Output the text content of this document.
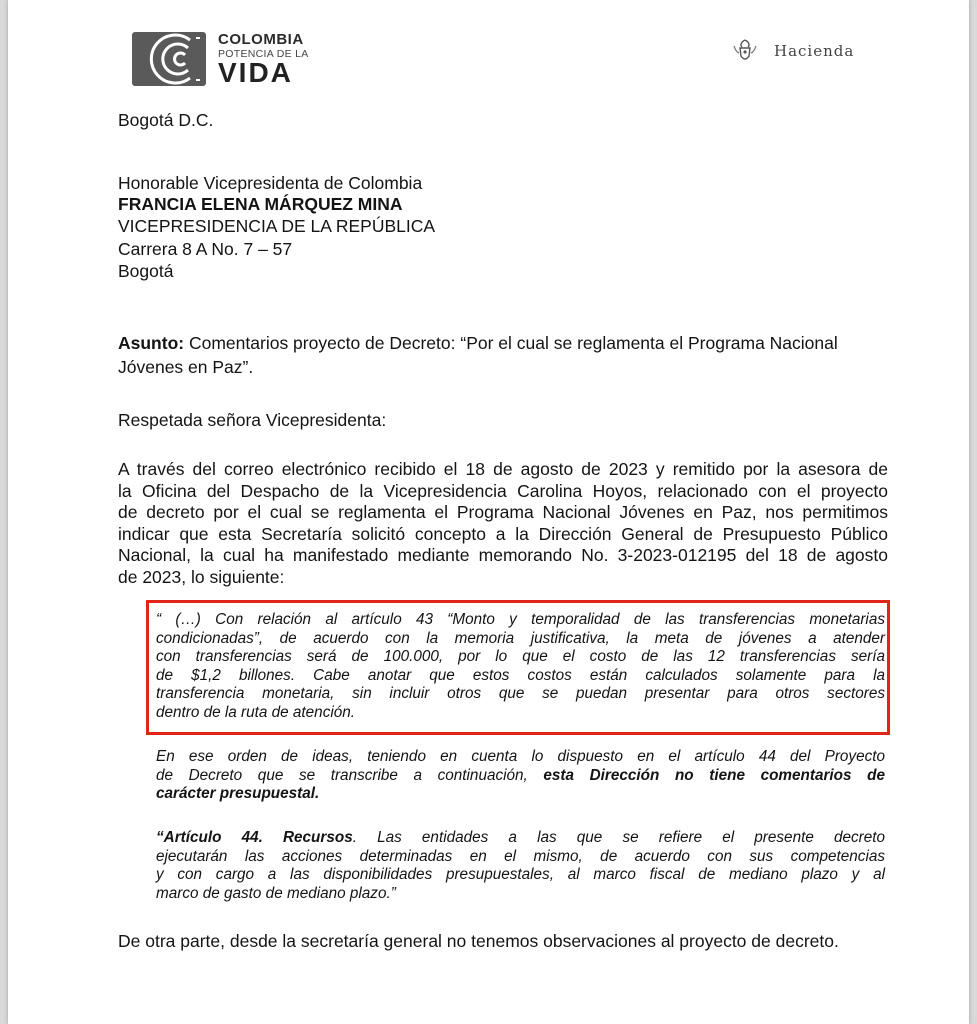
COLOMBIA
POTENCIA DE LA
VIDA
Hacienda
Bogotá D.C.
Honorable Vicepresidenta de Colombia
FRANCIA ELENA MÁRQUEZ MINA
VICEPRESIDENCIA DE LA REPÚBLICA
Carrera 8 A No. 7 – 57
Bogotá
Asunto: Comentarios proyecto de Decreto: “Por el cual se reglamenta el Programa Nacional
Jóvenes en Paz”.
Respetada señora Vicepresidenta:
A través del correo electrónico recibido el 18 de agosto de 2023 y remitido por la asesora de
la Oficina del Despacho de la Vicepresidencia Carolina Hoyos, relacionado con el proyecto
de decreto por el cual se reglamenta el Programa Nacional Jóvenes en Paz, nos permitimos
indicar que esta Secretaría solicitó concepto a la Dirección General de Presupuesto Público
Nacional, la cual ha manifestado mediante memorando No. 3-2023-012195 del 18 de agosto
de 2023, lo siguiente:
“ (…) Con relación al artículo 43 “Monto y temporalidad de las transferencias monetarias
condicionadas”, de acuerdo con la memoria justificativa, la meta de jóvenes a atender
con transferencias será de 100.000, por lo que el costo de las 12 transferencias sería
de $1,2 billones. Cabe anotar que estos costos están calculados solamente para la
transferencia monetaria, sin incluir otros que se puedan presentar para otros sectores
dentro de la ruta de atención.
En ese orden de ideas, teniendo en cuenta lo dispuesto en el artículo 44 del Proyecto
de Decreto que se transcribe a continuación, esta Dirección no tiene comentarios de
carácter presupuestal.
“Artículo 44. Recursos. Las entidades a las que se refiere el presente decreto
ejecutarán las acciones determinadas en el mismo, de acuerdo con sus competencias
y con cargo a las disponibilidades presupuestales, al marco fiscal de mediano plazo y al
marco de gasto de mediano plazo.”
De otra parte, desde la secretaría general no tenemos observaciones al proyecto de decreto.
